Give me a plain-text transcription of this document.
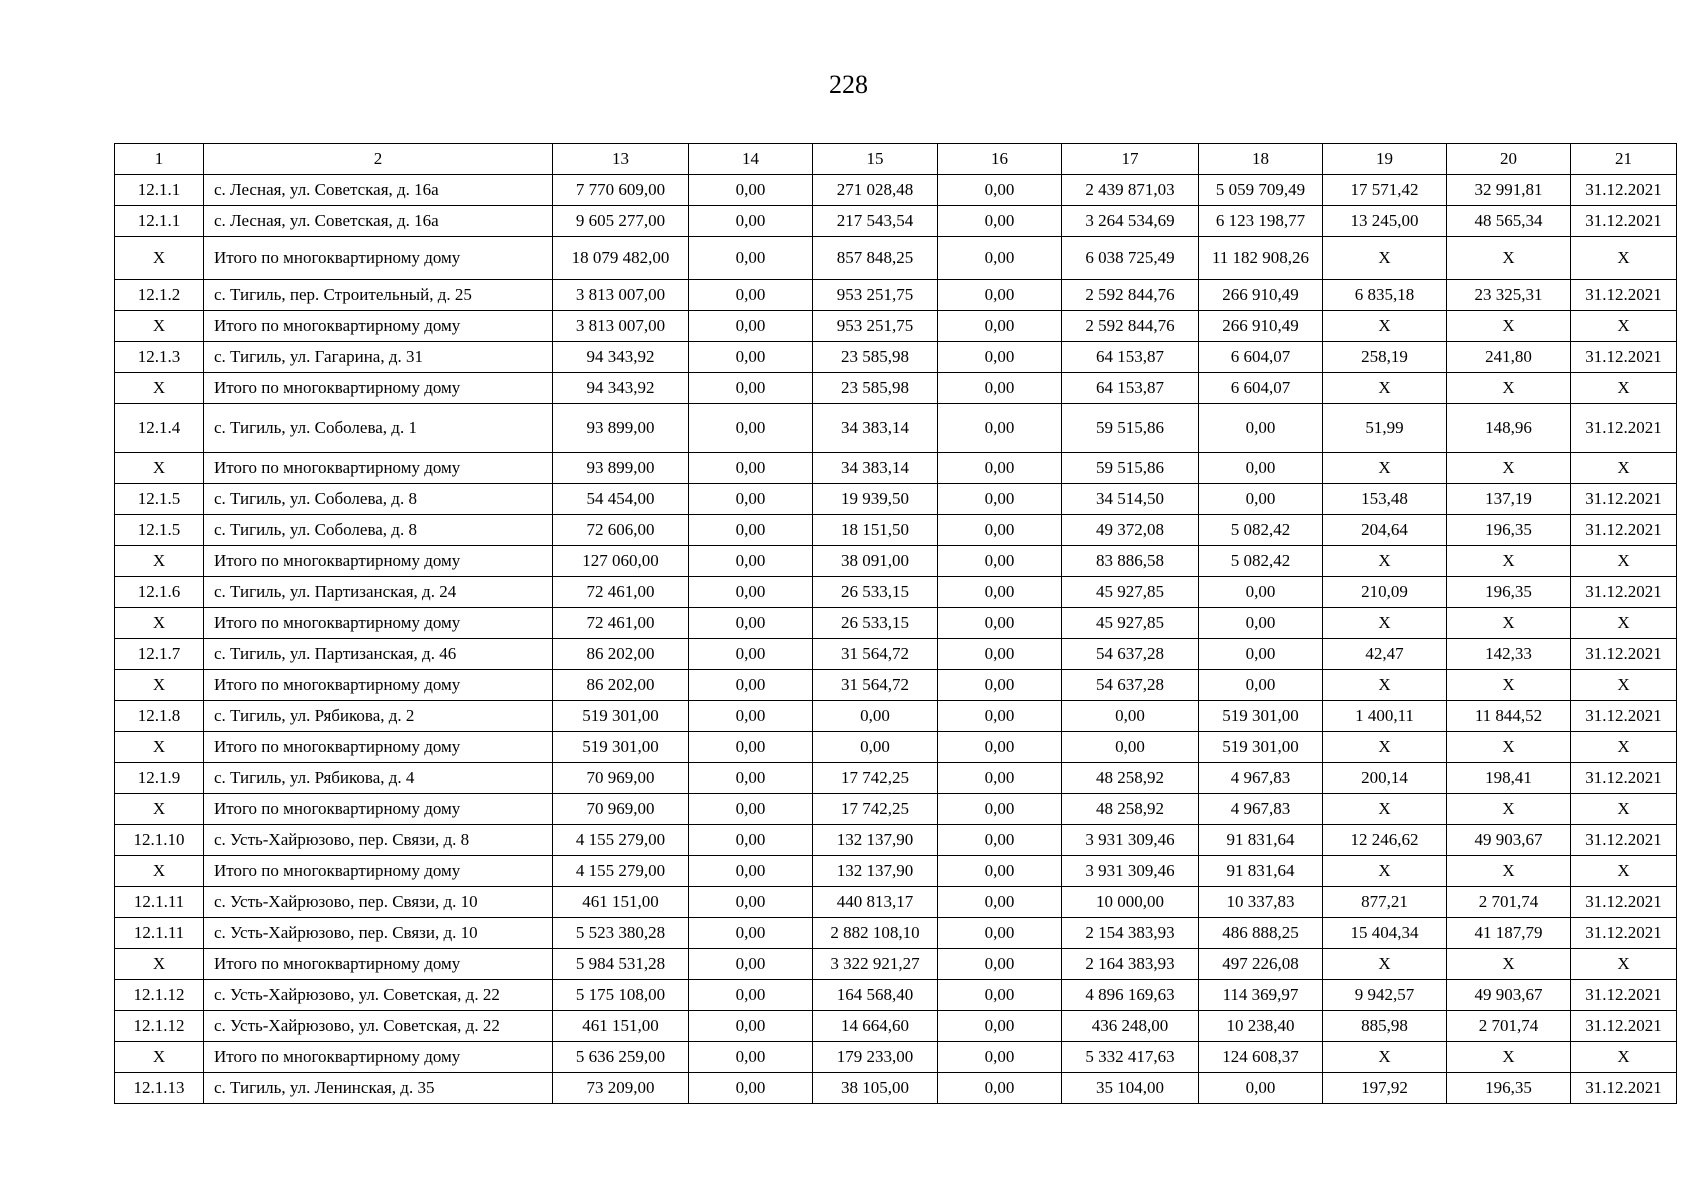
228
1	2	13	14	15	16	17	18	19	20	21
12.1.1	с. Лесная, ул. Советская, д. 16а	7 770 609,00	0,00	271 028,48	0,00	2 439 871,03	5 059 709,49	17 571,42	32 991,81	31.12.2021
12.1.1	с. Лесная, ул. Советская, д. 16а	9 605 277,00	0,00	217 543,54	0,00	3 264 534,69	6 123 198,77	13 245,00	48 565,34	31.12.2021
Х	Итого по многоквартирному дому	18 079 482,00	0,00	857 848,25	0,00	6 038 725,49	11 182 908,26	Х	Х	Х
12.1.2	с. Тигиль, пер. Строительный, д. 25	3 813 007,00	0,00	953 251,75	0,00	2 592 844,76	266 910,49	6 835,18	23 325,31	31.12.2021
Х	Итого по многоквартирному дому	3 813 007,00	0,00	953 251,75	0,00	2 592 844,76	266 910,49	Х	Х	Х
12.1.3	с. Тигиль, ул. Гагарина, д. 31	94 343,92	0,00	23 585,98	0,00	64 153,87	6 604,07	258,19	241,80	31.12.2021
Х	Итого по многоквартирному дому	94 343,92	0,00	23 585,98	0,00	64 153,87	6 604,07	Х	Х	Х
12.1.4	с. Тигиль, ул. Соболева, д. 1	93 899,00	0,00	34 383,14	0,00	59 515,86	0,00	51,99	148,96	31.12.2021
Х	Итого по многоквартирному дому	93 899,00	0,00	34 383,14	0,00	59 515,86	0,00	Х	Х	Х
12.1.5	с. Тигиль, ул. Соболева, д. 8	54 454,00	0,00	19 939,50	0,00	34 514,50	0,00	153,48	137,19	31.12.2021
12.1.5	с. Тигиль, ул. Соболева, д. 8	72 606,00	0,00	18 151,50	0,00	49 372,08	5 082,42	204,64	196,35	31.12.2021
Х	Итого по многоквартирному дому	127 060,00	0,00	38 091,00	0,00	83 886,58	5 082,42	Х	Х	Х
12.1.6	с. Тигиль, ул. Партизанская, д. 24	72 461,00	0,00	26 533,15	0,00	45 927,85	0,00	210,09	196,35	31.12.2021
Х	Итого по многоквартирному дому	72 461,00	0,00	26 533,15	0,00	45 927,85	0,00	Х	Х	Х
12.1.7	с. Тигиль, ул. Партизанская, д. 46	86 202,00	0,00	31 564,72	0,00	54 637,28	0,00	42,47	142,33	31.12.2021
Х	Итого по многоквартирному дому	86 202,00	0,00	31 564,72	0,00	54 637,28	0,00	Х	Х	Х
12.1.8	с. Тигиль, ул. Рябикова, д. 2	519 301,00	0,00	0,00	0,00	0,00	519 301,00	1 400,11	11 844,52	31.12.2021
Х	Итого по многоквартирному дому	519 301,00	0,00	0,00	0,00	0,00	519 301,00	Х	Х	Х
12.1.9	с. Тигиль, ул. Рябикова, д. 4	70 969,00	0,00	17 742,25	0,00	48 258,92	4 967,83	200,14	198,41	31.12.2021
Х	Итого по многоквартирному дому	70 969,00	0,00	17 742,25	0,00	48 258,92	4 967,83	Х	Х	Х
12.1.10	с. Усть-Хайрюзово, пер. Связи, д. 8	4 155 279,00	0,00	132 137,90	0,00	3 931 309,46	91 831,64	12 246,62	49 903,67	31.12.2021
Х	Итого по многоквартирному дому	4 155 279,00	0,00	132 137,90	0,00	3 931 309,46	91 831,64	Х	Х	Х
12.1.11	с. Усть-Хайрюзово, пер. Связи, д. 10	461 151,00	0,00	440 813,17	0,00	10 000,00	10 337,83	877,21	2 701,74	31.12.2021
12.1.11	с. Усть-Хайрюзово, пер. Связи, д. 10	5 523 380,28	0,00	2 882 108,10	0,00	2 154 383,93	486 888,25	15 404,34	41 187,79	31.12.2021
Х	Итого по многоквартирному дому	5 984 531,28	0,00	3 322 921,27	0,00	2 164 383,93	497 226,08	Х	Х	Х
12.1.12	с. Усть-Хайрюзово, ул. Советская, д. 22	5 175 108,00	0,00	164 568,40	0,00	4 896 169,63	114 369,97	9 942,57	49 903,67	31.12.2021
12.1.12	с. Усть-Хайрюзово, ул. Советская, д. 22	461 151,00	0,00	14 664,60	0,00	436 248,00	10 238,40	885,98	2 701,74	31.12.2021
Х	Итого по многоквартирному дому	5 636 259,00	0,00	179 233,00	0,00	5 332 417,63	124 608,37	Х	Х	Х
12.1.13	с. Тигиль, ул. Ленинская, д. 35	73 209,00	0,00	38 105,00	0,00	35 104,00	0,00	197,92	196,35	31.12.2021
